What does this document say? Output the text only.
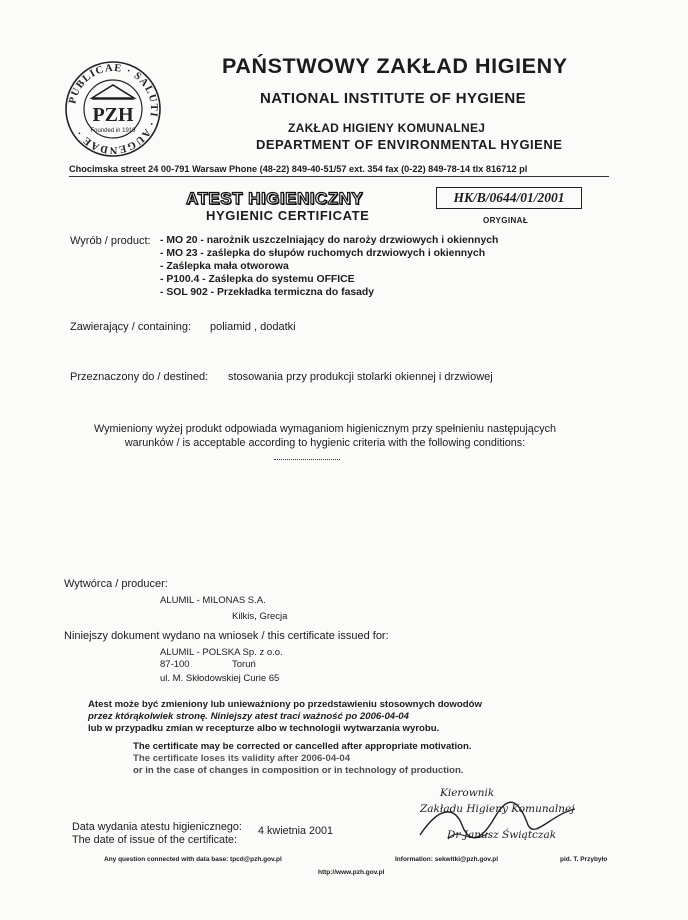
PUBLICAE · SALUTI · AUGENDAE ·
PZH
Founded in 1918
PAŃSTWOWY ZAKŁAD HIGIENY
NATIONAL INSTITUTE OF HYGIENE
ZAKŁAD HIGIENY KOMUNALNEJ
DEPARTMENT OF ENVIRONMENTAL HYGIENE
Chocimska street 24 00-791 Warsaw Phone (48-22) 849-40-51/57 ext. 354 fax (0-22) 849-78-14 tlx 816712 pl
ATEST HIGIENICZNY	HK/B/0644/01/2001
ORYGINAŁ
HYGIENIC CERTIFICATE
Wyrób / product: - MO 20 - narożnik uszczelniający do naroży drzwiowych i okiennych
- MO 23 - zaślepka do słupów ruchomych drzwiowych i okiennych
- Zaślepka mała otworowa
- P100.4 - Zaślepka do systemu OFFICE
- SOL 902 - Przekładka termiczna do fasady
Zawierający / containing: poliamid , dodatki
Przeznaczony do / destined: stosowania przy produkcji stolarki okiennej i drzwiowej
Wymieniony wyżej produkt odpowiada wymaganiom higienicznym przy spełnieniu następujących
warunków / is acceptable according to hygienic criteria with the following conditions:
Wytwórca / producer:
ALUMIL - MILONAS S.A.
Kilkis, Grecja
Niniejszy dokument wydano na wniosek / this certificate issued for:
ALUMIL - POLSKA Sp. z o.o.
87-100	Toruń
ul. M. Skłodowskiej Curie 65
Atest może być zmieniony lub unieważniony po przedstawieniu stosownych dowodów
przez którąkolwiek stronę. Niniejszy atest traci ważność po 2006-04-04
lub w przypadku zmian w recepturze albo w technologii wytwarzania wyrobu.
The certificate may be corrected or cancelled after appropriate motivation.
The certificate loses its validity after 2006-04-04
or in the case of changes in composition or in technology of production.
Data wydania atestu higienicznego:
The date of issue of the certificate:
4 kwietnia 2001
Kierownik
Zakładu Higieny Komunalnej
Dr Janusz Świątczak
Any question connected with data base: tpcd@pzh.gov.pl	Information: sekwitki@pzh.gov.pl	pid. T. Przybyło
http://www.pzh.gov.pl
